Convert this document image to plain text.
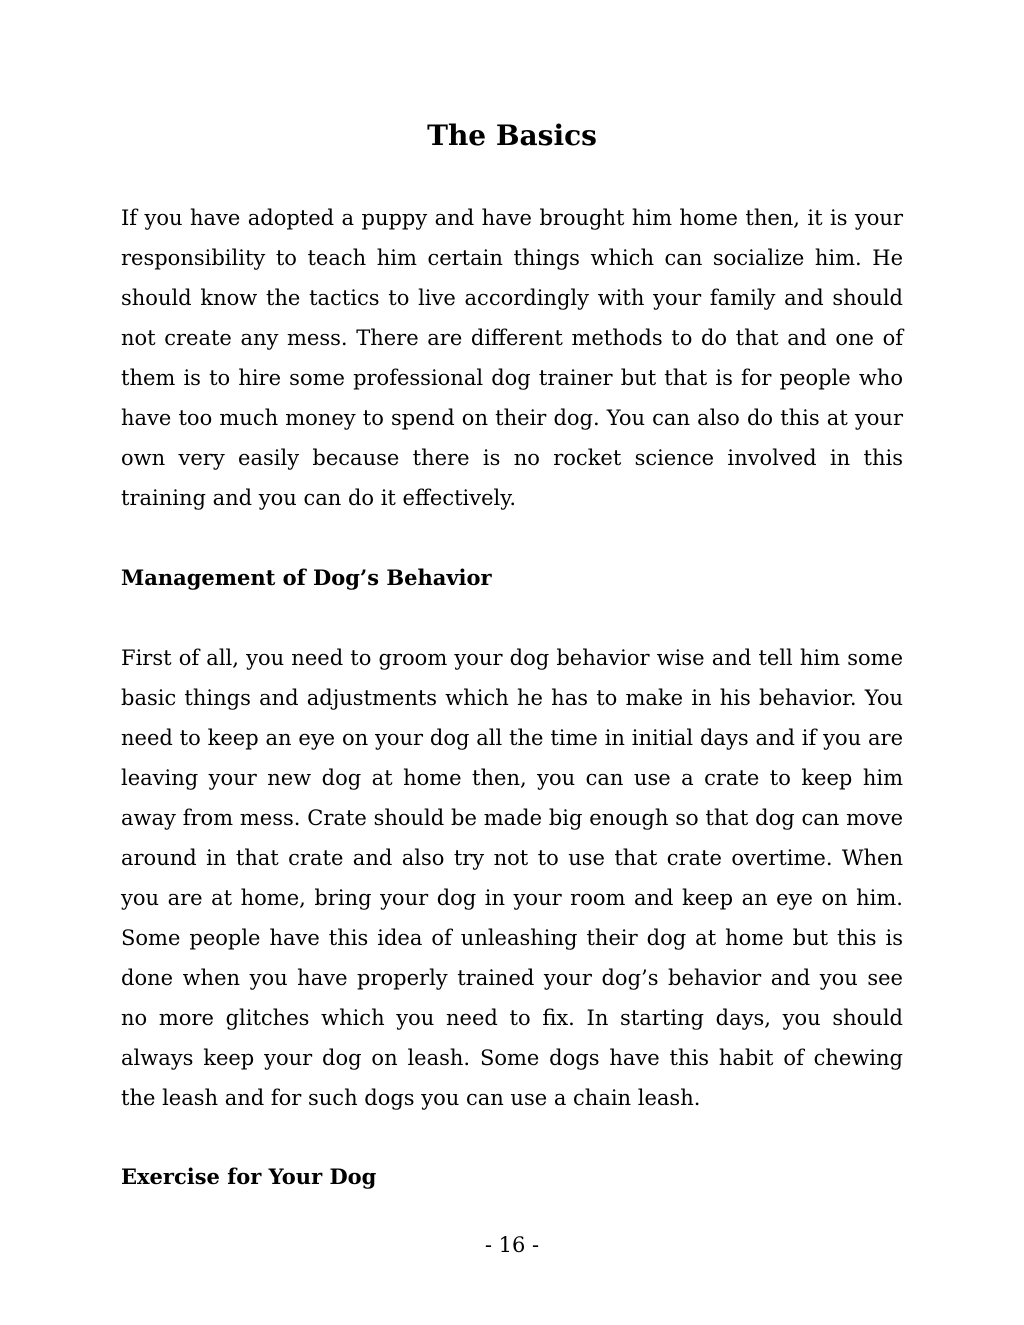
The Basics

If you have adopted a puppy and have brought him home then, it is your responsibility to teach him certain things which can socialize him. He should know the tactics to live accordingly with your family and should not create any mess. There are different methods to do that and one of them is to hire some professional dog trainer but that is for people who have too much money to spend on their dog. You can also do this at your own very easily because there is no rocket science involved in this training and you can do it effectively.

Management of Dog’s Behavior

First of all, you need to groom your dog behavior wise and tell him some basic things and adjustments which he has to make in his behavior. You need to keep an eye on your dog all the time in initial days and if you are leaving your new dog at home then, you can use a crate to keep him away from mess. Crate should be made big enough so that dog can move around in that crate and also try not to use that crate overtime. When you are at home, bring your dog in your room and keep an eye on him. Some people have this idea of unleashing their dog at home but this is done when you have properly trained your dog’s behavior and you see no more glitches which you need to fix. In starting days, you should always keep your dog on leash. Some dogs have this habit of chewing the leash and for such dogs you can use a chain leash.

Exercise for Your Dog
- 16 -
